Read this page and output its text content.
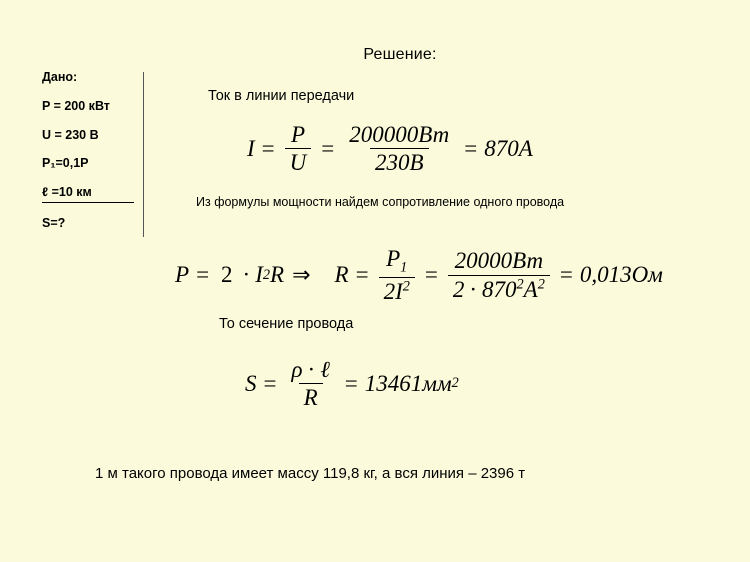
Решение:
Дано:
P = 200 кВт
U = 230 В
P₁=0,1P
ℓ =10 км
S=?
Ток в линии передачи
$I = \frac{P}{U} = \frac{200000Вт}{230В} = 870$ А
Из формулы мощности найдем сопротивление одного провода
P = 2 · I 2 R ⇒ $R = \frac{P_1}{2I^2} = \frac{20000Вт}{2 \cdot 870^2А^2} = 0,013$ Ом
То сечение провода
$S = \frac{\text{ρ · ℓ}}{R} = 13461$ мм 2
1 м такого провода имеет массу 119,8 кг, а вся линия – 2396 т
